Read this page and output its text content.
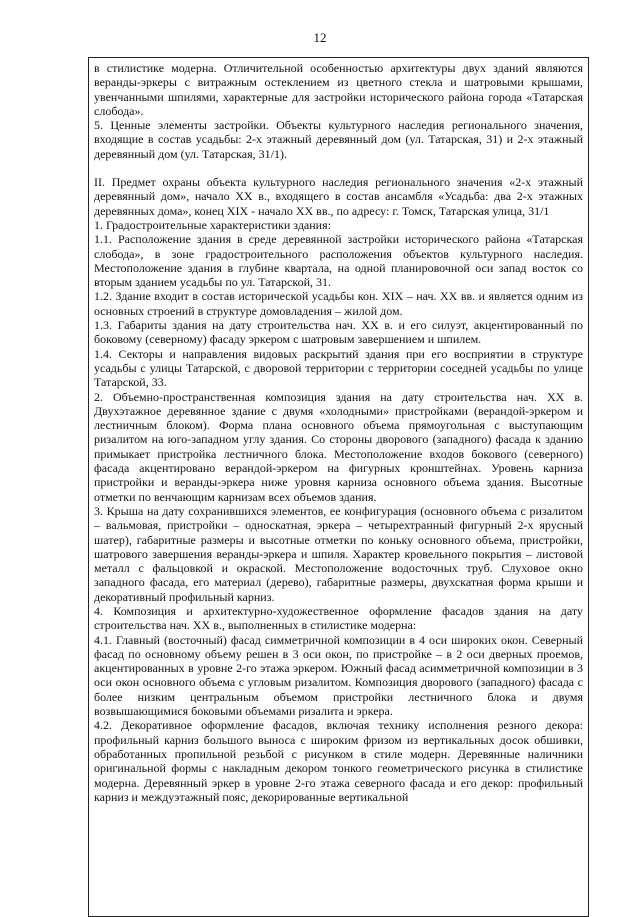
12

в стилистике модерна. Отличительной особенностью архитектуры двух зданий являются веранды-эркеры с витражным остеклением из цветного стекла и шатровыми крышами, увенчанными шпилями, характерные для застройки исторического района города «Татарская слобода».

5. Ценные элементы застройки. Объекты культурного наследия регионального значения, входящие в состав усадьбы: 2-х этажный деревянный дом (ул. Татарская, 31) и 2-х этажный деревянный дом (ул. Татарская, 31/1).

II. Предмет охраны объекта культурного наследия регионального значения «2-х этажный деревянный дом», начало XX в., входящего в состав ансамбля «Усадьба: два 2-х этажных деревянных дома», конец XIX - начало XX вв., по адресу: г. Томск, Татарская улица, 31/1

1. Градостроительные характеристики здания:

1.1. Расположение здания в среде деревянной застройки исторического района «Татарская слобода», в зоне градостроительного расположения объектов культурного наследия. Местоположение здания в глубине квартала, на одной планировочной оси запад восток со вторым зданием усадьбы по ул. Татарской, 31.

1.2. Здание входит в состав исторической усадьбы кон. XIX – нач. XX вв. и является одним из основных строений в структуре домовладения – жилой дом.

1.3. Габариты здания на дату строительства нач. XX в. и его силуэт, акцентированный по боковому (северному) фасаду эркером с шатровым завершением и шпилем.

1.4. Секторы и направления видовых раскрытий здания при его восприятии в структуре усадьбы с улицы Татарской, с дворовой территории с территории соседней усадьбы по улице Татарской, 33.

2. Объемно-пространственная композиция здания на дату строительства нач. XX в. Двухэтажное деревянное здание с двумя «холодными» пристройками (верандой-эркером и лестничным блоком). Форма плана основного объема прямоугольная с выступающим ризалитом на юго-западном углу здания. Со стороны дворового (западного) фасада к зданию примыкает пристройка лестничного блока. Местоположение входов бокового (северного) фасада акцентировано верандой-эркером на фигурных кронштейнах. Уровень карниза пристройки и веранды-эркера ниже уровня карниза основного объема здания. Высотные отметки по венчающим карнизам всех объемов здания.

3. Крыша на дату сохранившихся элементов, ее конфигурация (основного объема с ризалитом – вальмовая, пристройки – односкатная, эркера – четырехтранный фигурный 2-х ярусный шатер), габаритные размеры и высотные отметки по коньку основного объема, пристройки, шатрового завершения веранды-эркера и шпиля. Характер кровельного покрытия – листовой металл с фальцовкой и окраской. Местоположение водосточных труб. Слуховое окно западного фасада, его материал (дерево), габаритные размеры, двухскатная форма крыши и декоративный профильный карниз.

4. Композиция и архитектурно-художественное оформление фасадов здания на дату строительства нач. XX в., выполненных в стилистике модерна:

4.1. Главный (восточный) фасад симметричной композиции в 4 оси широких окон. Северный фасад по основному объему решен в 3 оси окон, по пристройке – в 2 оси дверных проемов, акцентированных в уровне 2-го этажа эркером. Южный фасад асимметричной композиции в 3 оси окон основного объема с угловым ризалитом. Композиция дворового (западного) фасада с более низким центральным объемом пристройки лестничного блока и двумя возвышающимися боковыми объемами ризалита и эркера.

4.2. Декоративное оформление фасадов, включая технику исполнения резного декора: профильный карниз большого выноса с широким фризом из вертикальных досок обшивки, обработанных пропильной резьбой с рисунком в стиле модерн. Деревянные наличники оригинальной формы с накладным декором тонкого геометрического рисунка в стилистике модерна. Деревянный эркер в уровне 2-го этажа северного фасада и его декор: профильный карниз и междуэтажный пояс, декорированные вертикальной
